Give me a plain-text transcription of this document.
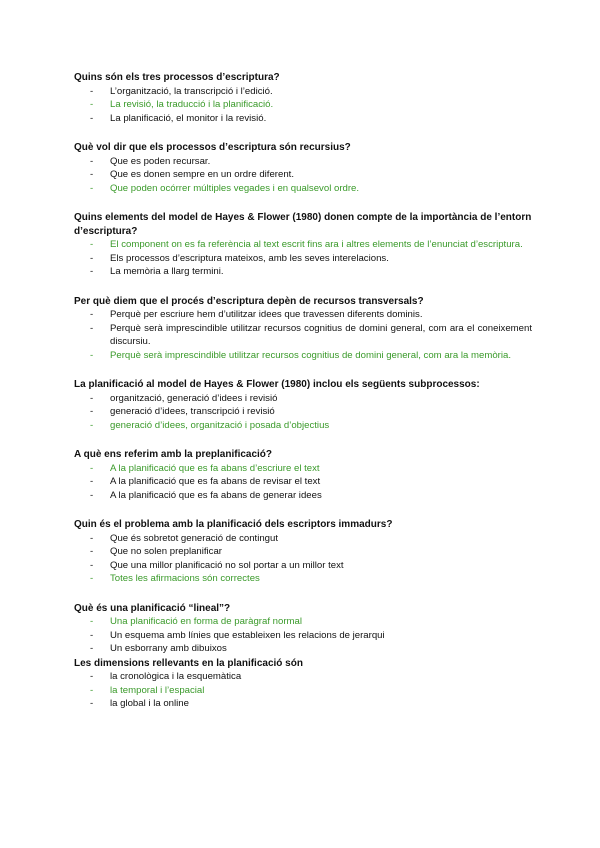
Quins són els tres processos d’escriptura?

- L’organització, la transcripció i l’edició.
- La revisió, la traducció i la planificació.
- La planificació, el monitor i la revisió.

Què vol dir que els processos d’escriptura són recursius?

- Que es poden recursar.
- Que es donen sempre en un ordre diferent.
- Que poden ocórrer múltiples vegades i en qualsevol ordre.

Quins elements del model de Hayes & Flower (1980) donen compte de la importància de l’entorn d’escriptura?

- El component on es fa referència al text escrit fins ara i altres elements de l’enunciat d’escriptura.
- Els processos d’escriptura mateixos, amb les seves interelacions.
- La memòria a llarg termini.

Per què diem que el procés d’escriptura depèn de recursos transversals?

- Perquè per escriure hem d’utilitzar idees que travessen diferents dominis.
- Perquè serà imprescindible utilitzar recursos cognitius de domini general, com ara el coneixement discursiu.
- Perquè serà imprescindible utilitzar recursos cognitius de domini general, com ara la memòria.

La planificació al model de Hayes & Flower (1980) inclou els següents subprocessos:

- organització, generació d’idees i revisió
- generació d’idees, transcripció i revisió
- generació d’idees, organització i posada d’objectius

A què ens referim amb la preplanificació?

- A la planificació que es fa abans d’escriure el text
- A la planificació que es fa abans de revisar el text
- A la planificació que es fa abans de generar idees

Quin és el problema amb la planificació dels escriptors immadurs?

- Que és sobretot generació de contingut
- Que no solen preplanificar
- Que una millor planificació no sol portar a un millor text
- Totes les afirmacions són correctes

Què és una planificació “lineal”?

- Una planificació en forma de paràgraf normal
- Un esquema amb línies que estableixen les relacions de jerarqui
- Un esborrany amb dibuixos

Les dimensions rellevants en la planificació són

- la cronològica i la esquemàtica
- la temporal i l’espacial
- la global i la online
